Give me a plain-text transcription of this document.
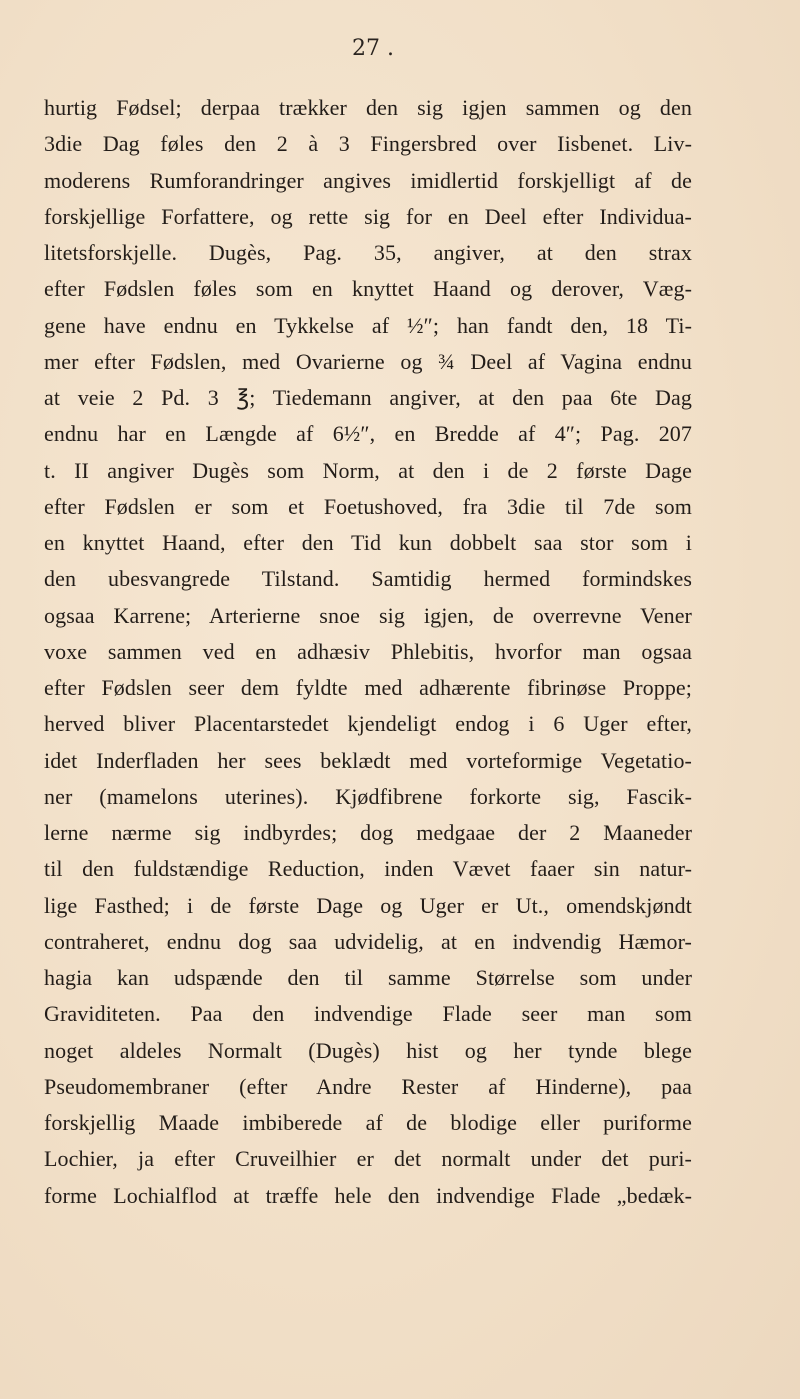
27 .
hurtig Fødsel; derpaa trækker den sig igjen sammen og den
3die Dag føles den 2 à 3 Fingersbred over Iisbenet. Liv-
moderens Rumforandringer angives imidlertid forskjelligt af de
forskjellige Forfattere, og rette sig for en Deel efter Individua-
litetsforskjelle. Dugès, Pag. 35, angiver, at den strax
efter Fødslen føles som en knyttet Haand og derover, Væg-
gene have endnu en Tykkelse af ½″; han fandt den, 18 Ti-
mer efter Fødslen, med Ovarierne og ¾ Deel af Vagina endnu
at veie 2 Pd. 3 ℥; Tiedemann angiver, at den paa 6te Dag
endnu har en Længde af 6½″, en Bredde af 4″; Pag. 207
t. II angiver Dugès som Norm, at den i de 2 første Dage
efter Fødslen er som et Foetushoved, fra 3die til 7de som
en knyttet Haand, efter den Tid kun dobbelt saa stor som i
den ubesvangrede Tilstand. Samtidig hermed formindskes
ogsaa Karrene; Arterierne snoe sig igjen, de overrevne Vener
voxe sammen ved en adhæsiv Phlebitis, hvorfor man ogsaa
efter Fødslen seer dem fyldte med adhærente fibrinøse Proppe;
herved bliver Placentarstedet kjendeligt endog i 6 Uger efter,
idet Inderfladen her sees beklædt med vorteformige Vegetatio-
ner (mamelons uterines). Kjødfibrene forkorte sig, Fascik-
lerne nærme sig indbyrdes; dog medgaae der 2 Maaneder
til den fuldstændige Reduction, inden Vævet faaer sin natur-
lige Fasthed; i de første Dage og Uger er Ut., omendskjøndt
contraheret, endnu dog saa udvidelig, at en indvendig Hæmor-
hagia kan udspænde den til samme Størrelse som under
Graviditeten. Paa den indvendige Flade seer man som
noget aldeles Normalt (Dugès) hist og her tynde blege
Pseudomembraner (efter Andre Rester af Hinderne), paa
forskjellig Maade imbiberede af de blodige eller puriforme
Lochier, ja efter Cruveilhier er det normalt under det puri-
forme Lochialflod at træffe hele den indvendige Flade „bedæk-
